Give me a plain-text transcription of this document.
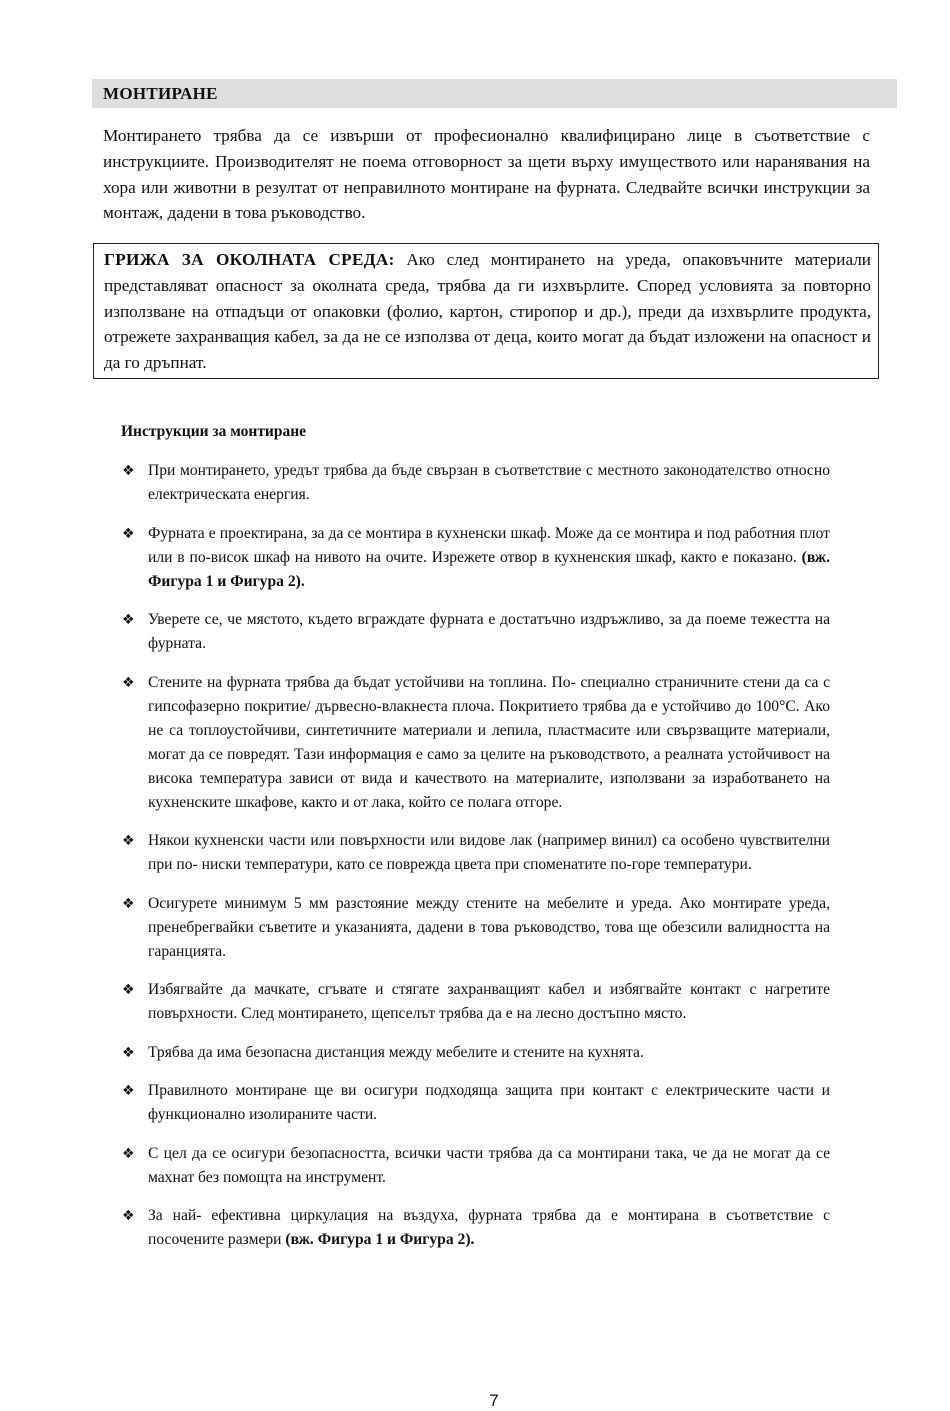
МОНТИРАНЕ

Монтирането трябва да се извърши от професионално квалифицирано лице в съответствие с инструкциите. Производителят не поема отговорност за щети върху имуществото или наранявания на хора или животни в резултат от неправилното монтиране на фурната. Следвайте всички инструкции за монтаж, дадени в това ръководство.

ГРИЖА ЗА ОКОЛНАТА СРЕДА: Ако след монтирането на уреда, опаковъчните материали представляват опасност за околната среда, трябва да ги изхвърлите. Според условията за повторно използване на отпадъци от опаковки (фолио, картон, стиропор и др.), преди да изхвърлите продукта, отрежете захранващия кабел, за да не се използва от деца, които могат да бъдат изложени на опасност и да го дръпнат.

Инструкции за монтиране

❖ При монтирането, уредът трябва да бъде свързан в съответствие с местното законодателство относно електрическата енергия.
❖ Фурната е проектирана, за да се монтира в кухненски шкаф. Може да се монтира и под работния плот или в по-висок шкаф на нивото на очите. Изрежете отвор в кухненския шкаф, както е показано. (вж. Фигура 1 и Фигура 2).
❖ Уверете се, че мястото, където вграждате фурната е достатъчно издръжливо, за да поеме тежестта на фурната.
❖ Стените на фурната трябва да бъдат устойчиви на топлина. По- специално страничните стени да са с гипсофазерно покритие/ дървесно-влакнеста плоча. Покритието трябва да е устойчиво до 100°C. Ако не са топлоустойчиви, синтетичните материали и лепила, пластмасите или свързващите материали, могат да се повредят. Тази информация е само за целите на ръководството, а реалната устойчивост на висока температура зависи от вида и качеството на материалите, използвани за изработването на кухненските шкафове, както и от лака, който се полага отгоре.
❖ Някои кухненски части или повърхности или видове лак (например винил) са особено чувствителни при по- ниски температури, като се поврежда цвета при споменатите по-горе температури.
❖ Осигурете минимум 5 мм разстояние между стените на мебелите и уреда. Ако монтирате уреда, пренебрегвайки съветите и указанията, дадени в това ръководство, това ще обезсили валидността на гаранцията.
❖ Избягвайте да мачкате, сгъвате и стягате захранващият кабел и избягвайте контакт с нагретите повърхности. След монтирането, щепселът трябва да е на лесно достъпно място.
❖ Трябва да има безопасна дистанция между мебелите и стените на кухнята.
❖ Правилното монтиране ще ви осигури подходяща защита при контакт с електрическите части и функционално изолираните части.
❖ С цел да се осигури безопасността, всички части трябва да са монтирани така, че да не могат да се махнат без помощта на инструмент.
❖ За най- ефективна циркулация на въздуха, фурната трябва да е монтирана в съответствие с посочените размери (вж. Фигура 1 и Фигура 2).
7
